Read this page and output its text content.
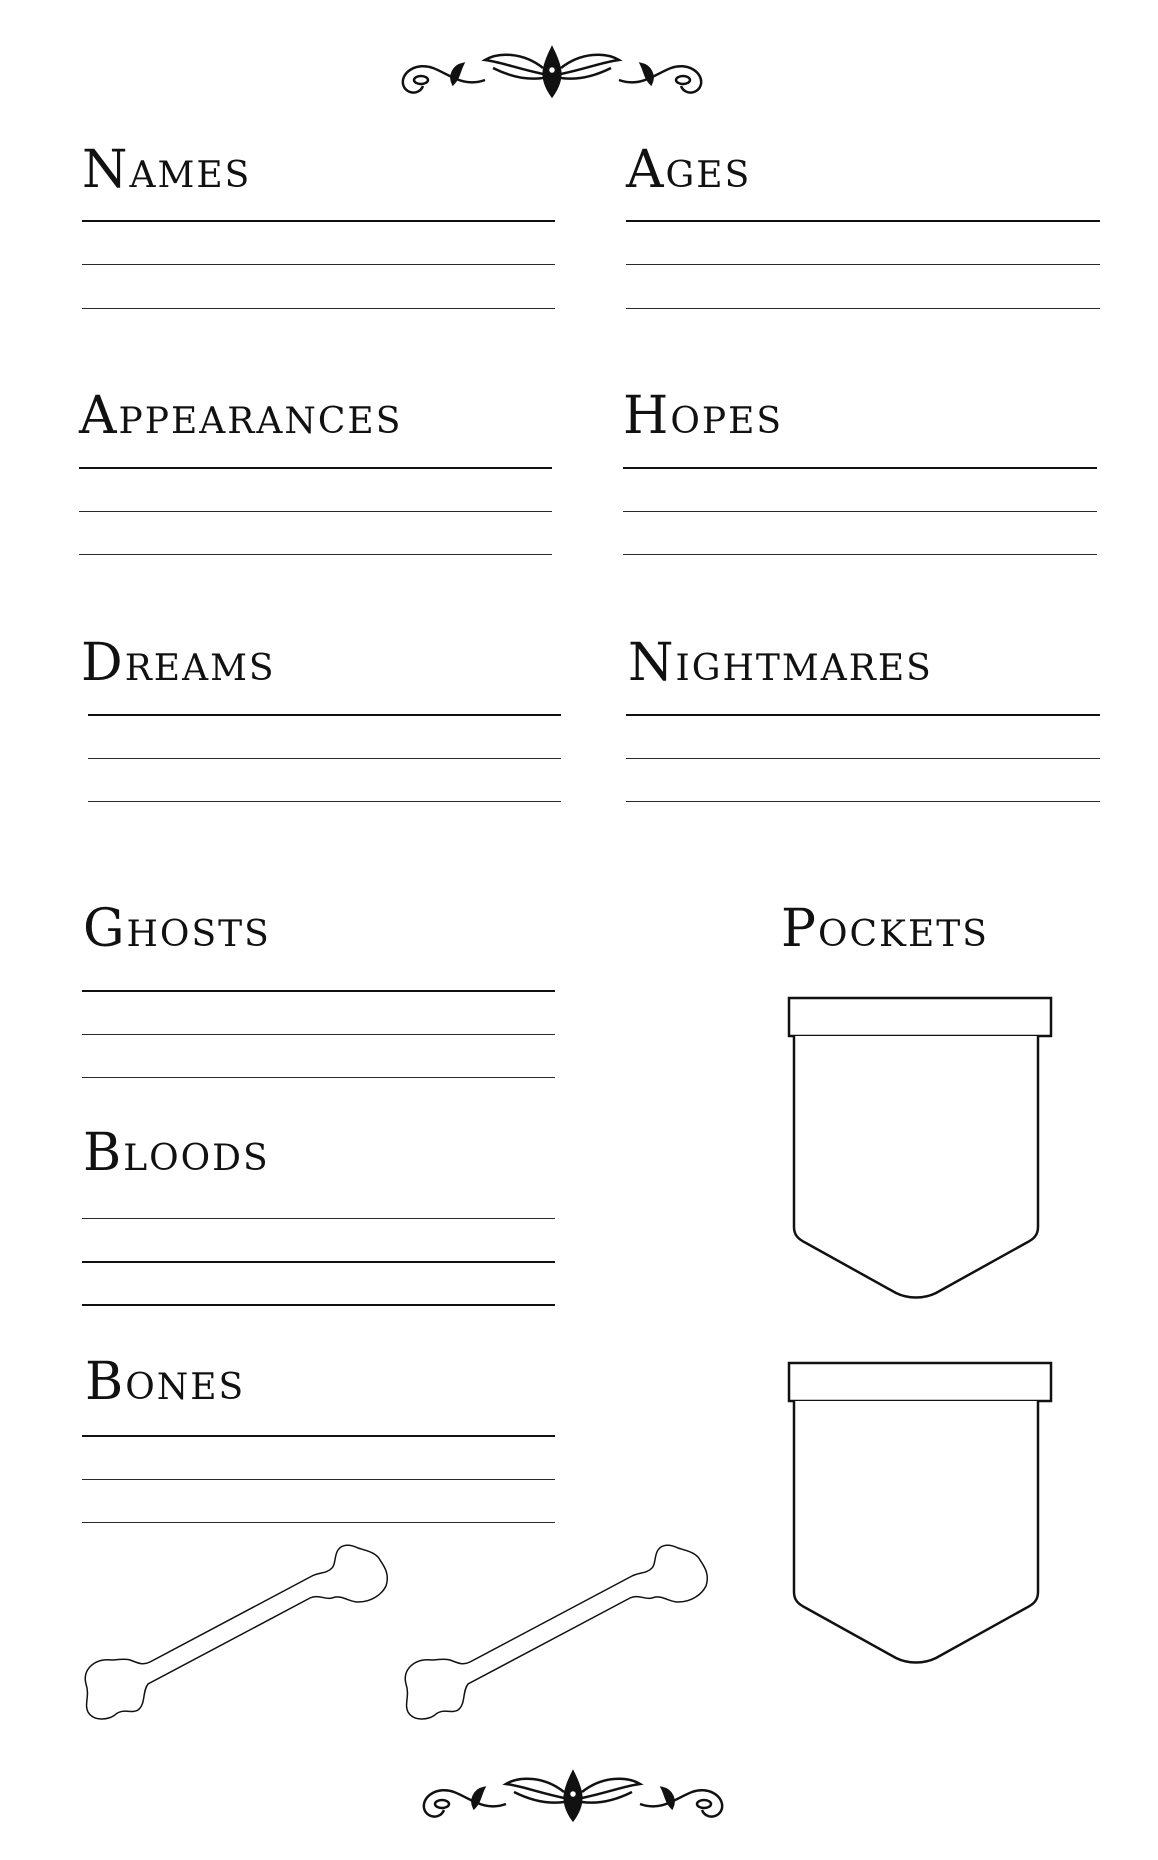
Names	Ages
Appearances	Hopes
Dreams	Nightmares
Ghosts	Pockets
Bloods
Bones
